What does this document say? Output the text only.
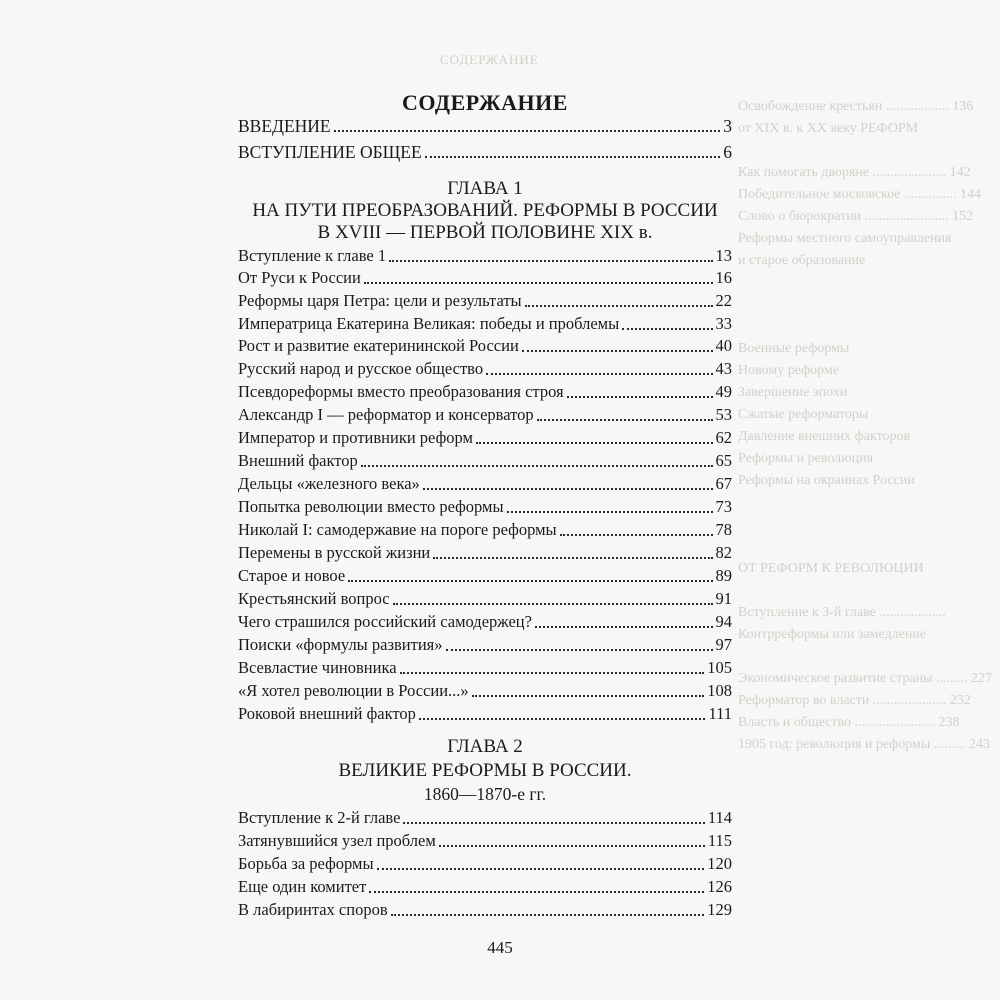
СОДЕРЖАНИЕ
Освобождение крестьян .................. 136
от XIX в. к XX веку РЕФОРМ

Как помогать дворяне ..................... 142
Победительное московское ............... 144
Слово о бюрократии ........................ 152
Реформы местного самоуправления
и старое образование

Военные реформы
Новому реформе
Завершение эпохи
Сжатые реформаторы
Давление внешних факторов
Реформы и революция
Реформы на окраинах России

ОТ РЕФОРМ К РЕВОЛЮЦИИ

Вступление к 3-й главе ...................
Контрреформы или замедление

Экономическое развитие страны ......... 227
Реформатор во власти ..................... 232
Власть и общество ....................... 238
1905 год: революция и реформы ......... 243
СОДЕРЖАНИЕ
ВВЕДЕНИЕ	3
ВСТУПЛЕНИЕ ОБЩЕЕ	6
ГЛАВА 1
НА ПУТИ ПРЕОБРАЗОВАНИЙ. РЕФОРМЫ В РОССИИ
В XVIII — ПЕРВОЙ ПОЛОВИНЕ XIX в.
Вступление к главе 1	13
От Руси к России	16
Реформы царя Петра: цели и результаты	22
Императрица Екатерина Великая: победы и проблемы	33
Рост и развитие екатерининской России	40
Русский народ и русское общество	43
Псевдореформы вместо преобразования строя	49
Александр I — реформатор и консерватор	53
Император и противники реформ	62
Внешний фактор	65
Дельцы «железного века»	67
Попытка революции вместо реформы	73
Николай I: самодержавие на пороге реформы	78
Перемены в русской жизни	82
Старое и новое	89
Крестьянский вопрос	91
Чего страшился российский самодержец?	94
Поиски «формулы развития»	97
Всевластие чиновника	105
«Я хотел революции в России...»	108
Роковой внешний фактор	111
ГЛАВА 2
ВЕЛИКИЕ РЕФОРМЫ В РОССИИ.
1860—1870-е гг.
Вступление к 2-й главе	114
Затянувшийся узел проблем	115
Борьба за реформы	120
Еще один комитет	126
В лабиринтах споров	129
445
